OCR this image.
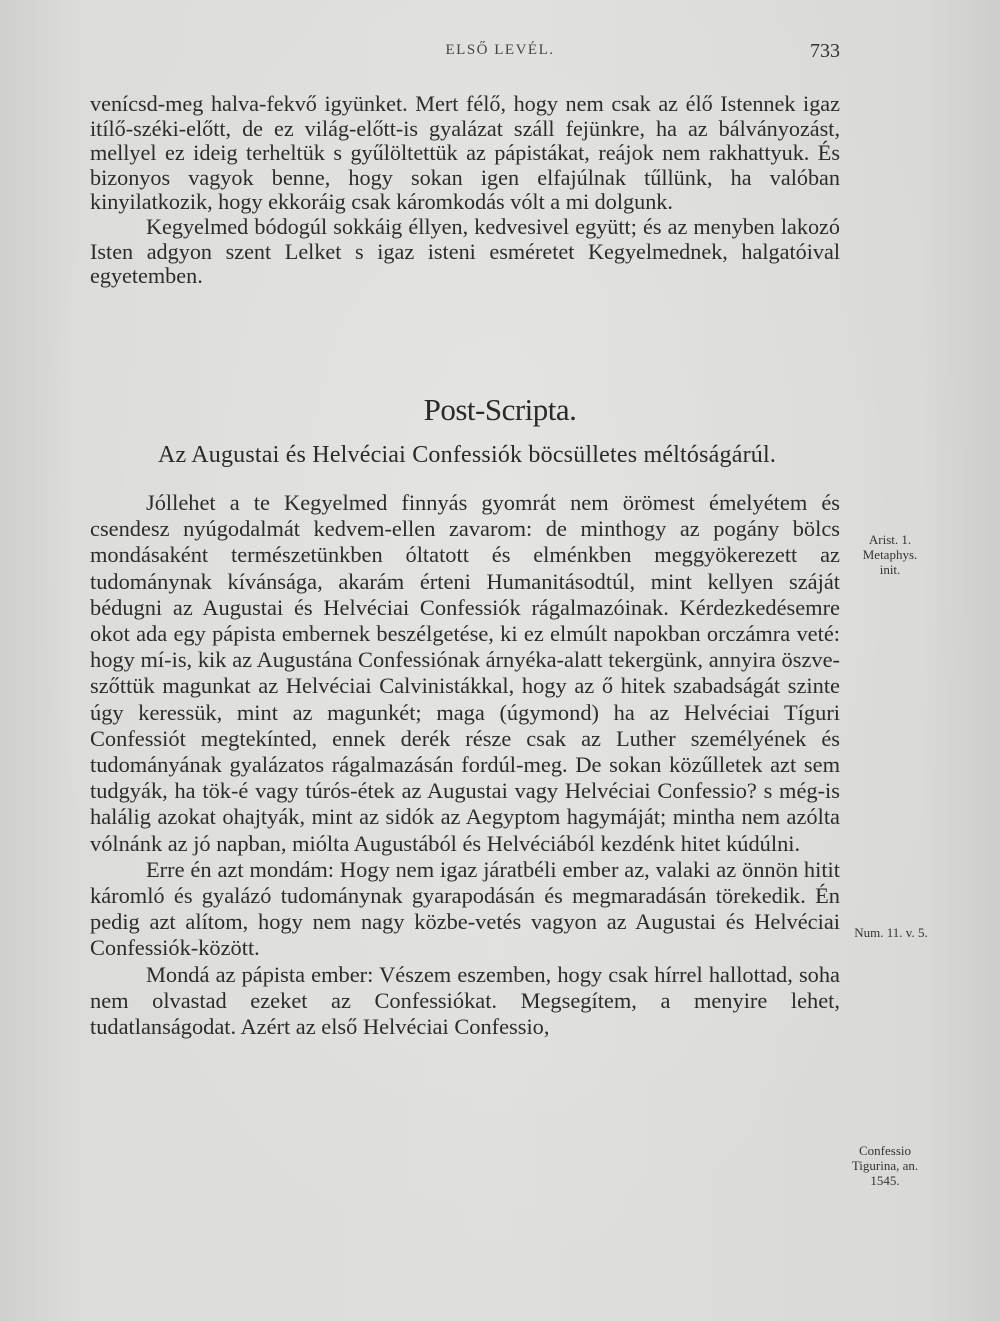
ELSŐ LEVÉL.	733

venícsd-meg halva-fekvő igyünket. Mert félő, hogy nem csak az élő Istennek igaz itílő-széki-előtt, de ez világ-előtt-is gyalázat száll fejünkre, ha az bálványozást, mellyel ez ideig terheltük s gyűlöltettük az pápistákat, reájok nem rakhattyuk. És bizonyos vagyok benne, hogy sokan igen elfajúlnak tűllünk, ha valóban kinyilatkozik, hogy ekkoráig csak káromkodás vólt a mi dolgunk.

Kegyelmed bódogúl sokkáig éllyen, kedvesivel együtt; és az menyben lakozó Isten adgyon szent Lelket s igaz isteni esméretet Kegyelmednek, halgatóival egyetemben.

Post-Scripta.
Az Augustai és Helvéciai Confessiók böcsülletes méltóságárúl.

Jóllehet a te Kegyelmed finnyás gyomrát nem örömest émelyétem és csendesz nyúgodalmát kedvem-ellen zavarom: de minthogy az pogány bölcs mondásaként természetünkben óltatott és elménkben meggyökerezett az tudománynak kívánsága, akarám érteni Humanitásodtúl, mint kellyen száját bédugni az Augustai és Helvéciai Confessiók rágalmazóinak. Kérdezkedésemre okot ada egy pápista embernek beszélgetése, ki ez elmúlt napokban orczámra veté: hogy mí-is, kik az Augustána Confessiónak árnyéka-alatt tekergünk, annyira öszve-szőttük magunkat az Helvéciai Calvinistákkal, hogy az ő hitek szabadságát szinte úgy keressük, mint az magunkét; maga (úgymond) ha az Helvéciai Tíguri Confessiót megtekínted, ennek derék része csak az Luther személyének és tudományának gyalázatos rágalmazásán fordúl-meg. De sokan közűlletek azt sem tudgyák, ha tök-é vagy túrós-étek az Augustai vagy Helvéciai Confessio? s még-is halálig azokat ohajtyák, mint az sidók az Aegyptom hagymáját; mintha nem azólta vólnánk az jó napban, miólta Augustából és Helvéciából kezdénk hitet kúdúlni.

Erre én azt mondám: Hogy nem igaz járatbéli ember az, valaki az önnön hitit káromló és gyalázó tudománynak gyarapodásán és megmaradásán törekedik. Én pedig azt alítom, hogy nem nagy közbe-vetés vagyon az Augustai és Helvéciai Confessiók-között.

Mondá az pápista ember: Vészem eszemben, hogy csak hírrel hallottad, soha nem olvastad ezeket az Confessiókat. Megsegítem, a menyire lehet, tudatlanságodat. Azért az első Helvéciai Confessio,

Arist. 1.
Metaphys.
init.
Num. 11. v. 5.
Confessio
Tigurina, an.
1545.
